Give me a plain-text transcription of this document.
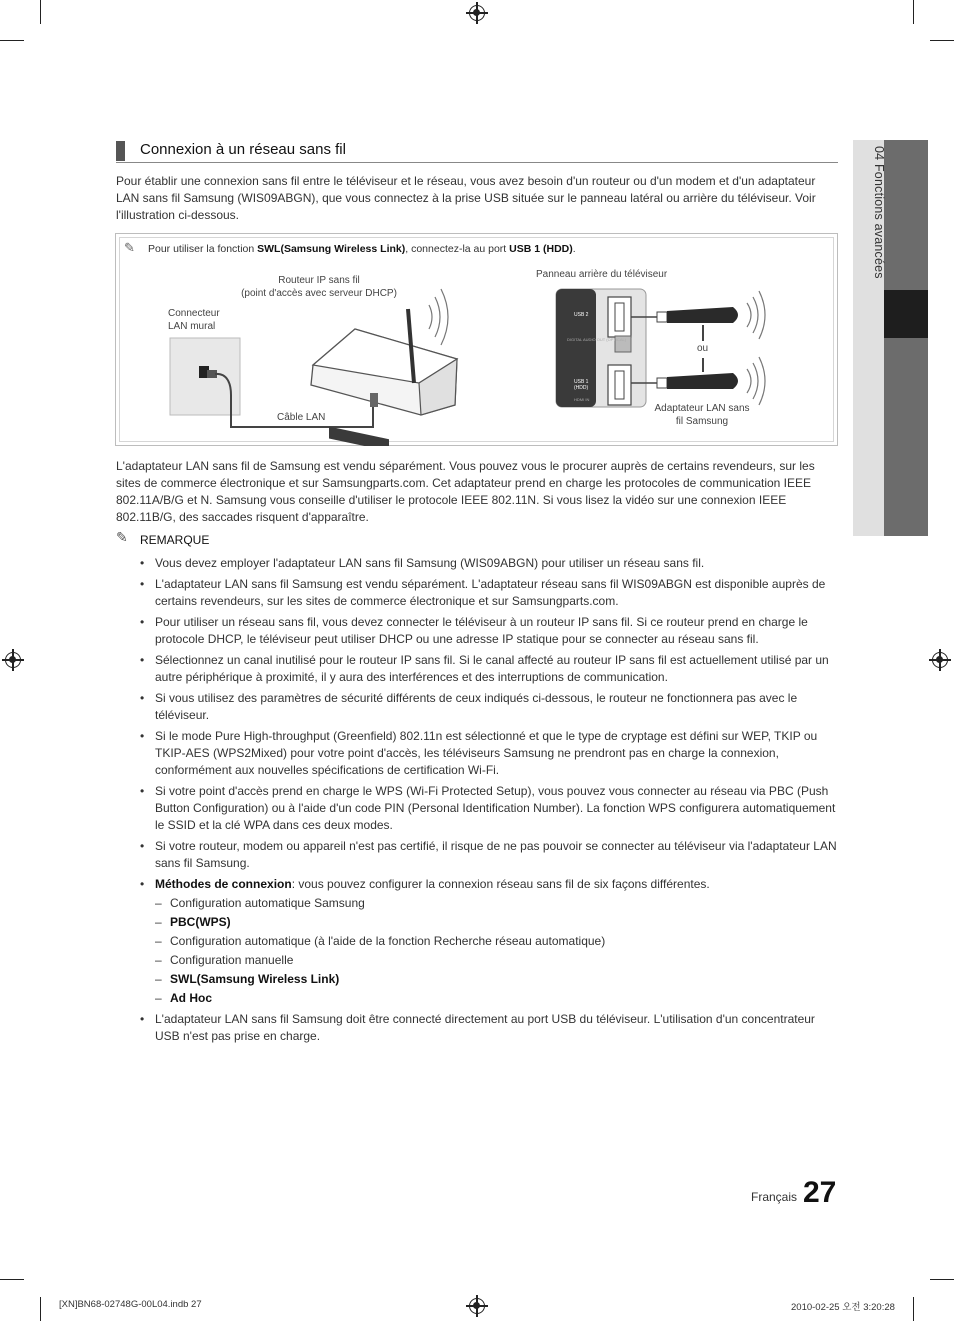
04 Fonctions avancées
Connexion à un réseau sans fil

Pour établir une connexion sans fil entre le téléviseur et le réseau, vous avez besoin d'un routeur ou d'un modem et d'un adaptateur LAN sans fil Samsung (WIS09ABGN), que vous connectez à la prise USB située sur le panneau latéral ou arrière du téléviseur. Voir l'illustration ci-dessous.

✎ Pour utiliser la fonction SWL(Samsung Wireless Link), connectez-la au port USB 1 (HDD).
USB 2
USB 1
(HDD)
DIGITAL AUDIO OUT (OPTICAL)
HDMI IN
Routeur IP sans fil
(point d'accès avec serveur DHCP)
Connecteur
LAN mural
Câble LAN
Panneau arrière du téléviseur
ou
Adaptateur LAN sans
fil Samsung

L'adaptateur LAN sans fil de Samsung est vendu séparément. Vous pouvez vous le procurer auprès de certains revendeurs, sur les sites de commerce électronique et sur Samsungparts.com. Cet adaptateur prend en charge les protocoles de communication IEEE 802.11A/B/G et N. Samsung vous conseille d'utiliser le protocole IEEE 802.11N. Si vous lisez la vidéo sur une connexion IEEE 802.11B/G, des saccades risquent d'apparaître.

✎ REMARQUE
• Vous devez employer l'adaptateur LAN sans fil Samsung (WIS09ABGN) pour utiliser un réseau sans fil.
• L'adaptateur LAN sans fil Samsung est vendu séparément. L'adaptateur réseau sans fil WIS09ABGN est disponible auprès de certains revendeurs, sur les sites de commerce électronique et sur Samsungparts.com.
• Pour utiliser un réseau sans fil, vous devez connecter le téléviseur à un routeur IP sans fil. Si ce routeur prend en charge le protocole DHCP, le téléviseur peut utiliser DHCP ou une adresse IP statique pour se connecter au réseau sans fil.
• Sélectionnez un canal inutilisé pour le routeur IP sans fil. Si le canal affecté au routeur IP sans fil est actuellement utilisé par un autre périphérique à proximité, il y aura des interférences et des interruptions de communication.
• Si vous utilisez des paramètres de sécurité différents de ceux indiqués ci-dessous, le routeur ne fonctionnera pas avec le téléviseur.
• Si le mode Pure High-throughput (Greenfield) 802.11n est sélectionné et que le type de cryptage est défini sur WEP, TKIP ou TKIP-AES (WPS2Mixed) pour votre point d'accès, les téléviseurs Samsung ne prendront pas en charge la connexion, conformément aux nouvelles spécifications de certification Wi-Fi.
• Si votre point d'accès prend en charge le WPS (Wi-Fi Protected Setup), vous pouvez vous connecter au réseau via PBC (Push Button Configuration) ou à l'aide d'un code PIN (Personal Identification Number). La fonction WPS configurera automatiquement le SSID et la clé WPA dans ces deux modes.
• Si votre routeur, modem ou appareil n'est pas certifié, il risque de ne pas pouvoir se connecter au téléviseur via l'adaptateur LAN sans fil Samsung.
• Méthodes de connexion: vous pouvez configurer la connexion réseau sans fil de six façons différentes.
– Configuration automatique Samsung
– PBC(WPS)
– Configuration automatique (à l'aide de la fonction Recherche réseau automatique)
– Configuration manuelle
– SWL(Samsung Wireless Link)
– Ad Hoc
• L'adaptateur LAN sans fil Samsung doit être connecté directement au port USB du téléviseur. L'utilisation d'un concentrateur USB n'est pas prise en charge.
Français 27
[XN]BN68-02748G-00L04.indb 27	2010-02-25 오전 3:20:28
